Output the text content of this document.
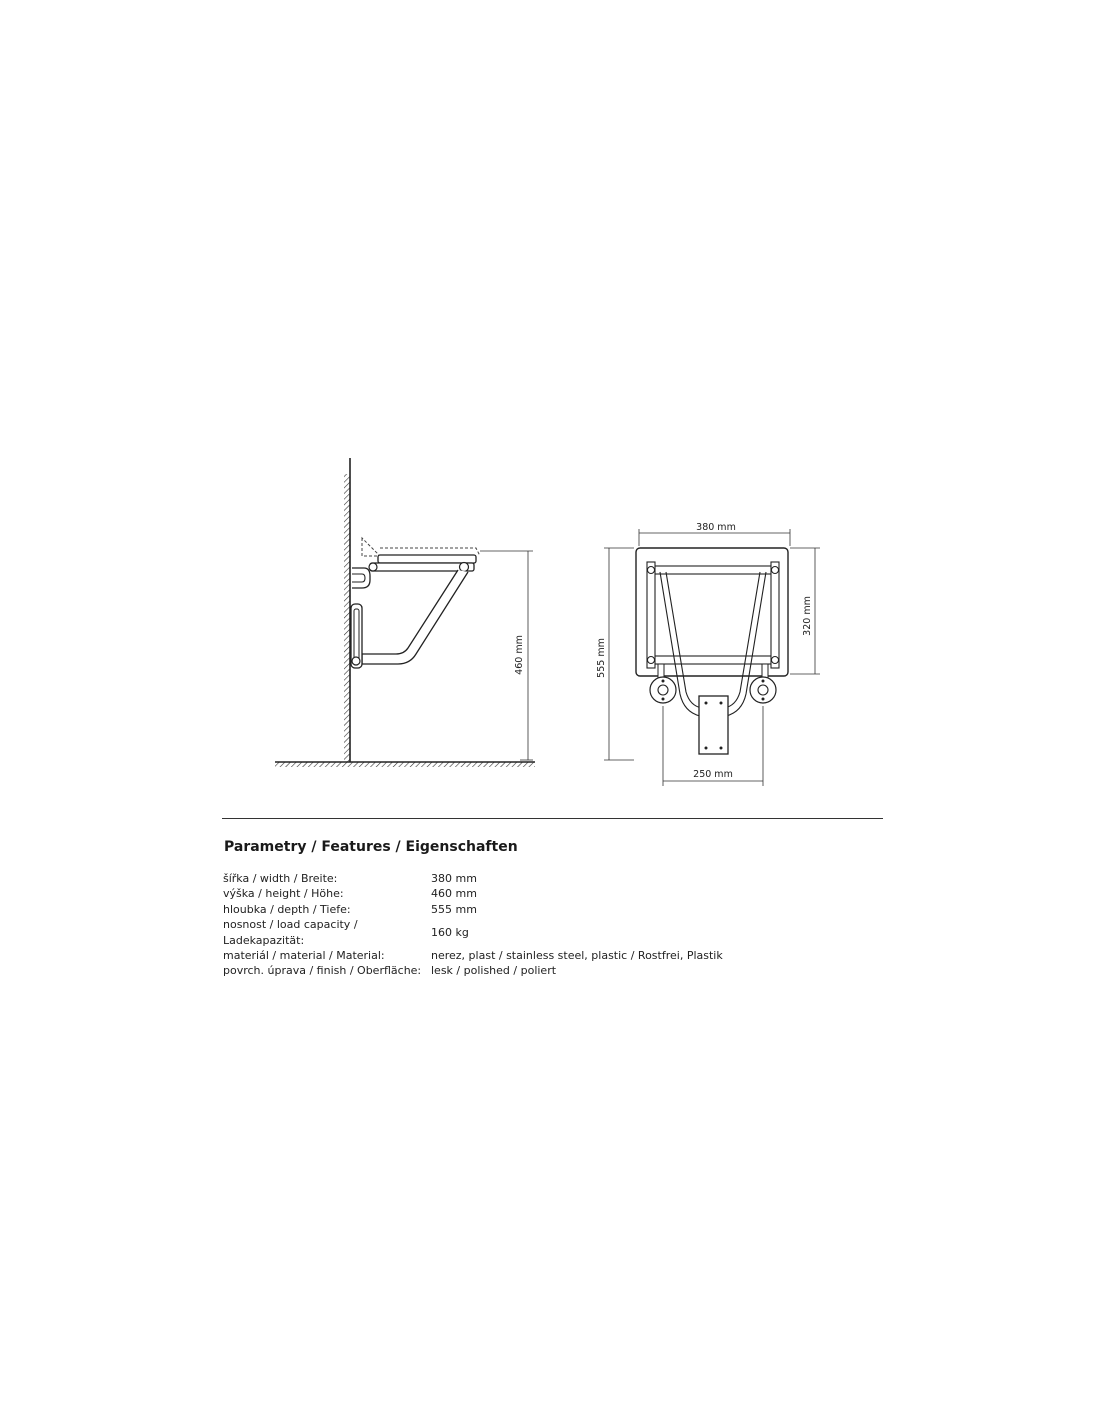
460 mm
380 mm
555 mm
320 mm
250 mm
Parametry / Features / Eigenschaften
šířka / width / Breite:	380 mm
výška / height / Höhe:	460 mm
hloubka / depth / Tiefe:	555 mm
nosnost / load capacity / Ladekapazität:	160 kg
materiál / material / Material:	nerez, plast / stainless steel, plastic / Rostfrei, Plastik
povrch. úprava / finish / Oberfläche:	lesk / polished / poliert
